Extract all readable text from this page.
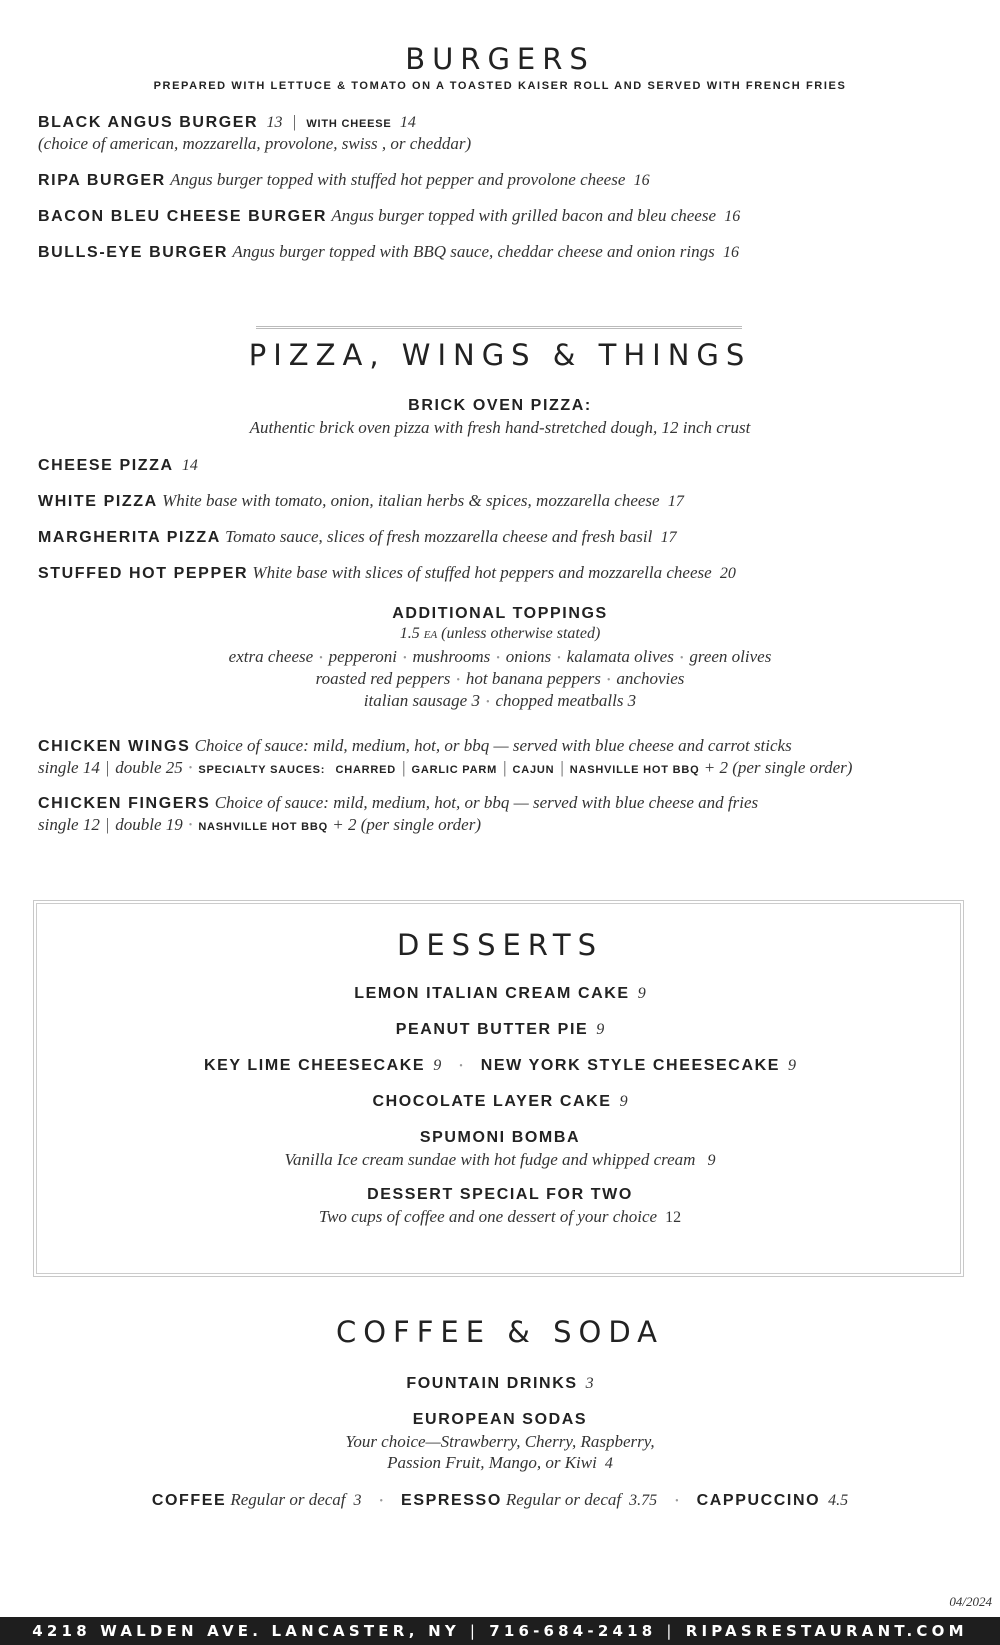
BURGERS
PREPARED WITH LETTUCE & TOMATO ON A TOASTED KAISER ROLL AND SERVED WITH FRENCH FRIES
BLACK ANGUS BURGER 13 | WITH CHEESE 14
(choice of american, mozzarella, provolone, swiss , or cheddar)
RIPA BURGER Angus burger topped with stuffed hot pepper and provolone cheese 16
BACON BLEU CHEESE BURGER Angus burger topped with grilled bacon and bleu cheese 16
BULLS-EYE BURGER Angus burger topped with BBQ sauce, cheddar cheese and onion rings 16
PIZZA, WINGS & THINGS
BRICK OVEN PIZZA:
Authentic brick oven pizza with fresh hand-stretched dough, 12 inch crust
CHEESE PIZZA 14
WHITE PIZZA White base with tomato, onion, italian herbs & spices, mozzarella cheese 17
MARGHERITA PIZZA Tomato sauce, slices of fresh mozzarella cheese and fresh basil 17
STUFFED HOT PEPPER White base with slices of stuffed hot peppers and mozzarella cheese 20
ADDITIONAL TOPPINGS
1.5 EA (unless otherwise stated)
extra cheese • pepperoni • mushrooms • onions • kalamata olives • green olives
roasted red peppers • hot banana peppers • anchovies
italian sausage 3 • chopped meatballs 3
CHICKEN WINGS Choice of sauce: mild, medium, hot, or bbq — served with blue cheese and carrot sticks
single 14 | double 25 • SPECIALTY SAUCES: CHARRED | GARLIC PARM | CAJUN | NASHVILLE HOT BBQ + 2 (per single order)
CHICKEN FINGERS Choice of sauce: mild, medium, hot, or bbq — served with blue cheese and fries
single 12 | double 19 • NASHVILLE HOT BBQ + 2 (per single order)
DESSERTS
LEMON ITALIAN CREAM CAKE 9
PEANUT BUTTER PIE 9
KEY LIME CHEESECAKE 9 • NEW YORK STYLE CHEESECAKE 9
CHOCOLATE LAYER CAKE 9
SPUMONI BOMBA
Vanilla Ice cream sundae with hot fudge and whipped cream 9
DESSERT SPECIAL FOR TWO
Two cups of coffee and one dessert of your choice 12
COFFEE & SODA
FOUNTAIN DRINKS 3
EUROPEAN SODAS
Your choice—Strawberry, Cherry, Raspberry,
Passion Fruit, Mango, or Kiwi 4
COFFEE Regular or decaf 3 • ESPRESSO Regular or decaf 3.75 • CAPPUCCINO 4.5
04/2024
4218 WALDEN AVE. LANCASTER, NY | 716-684-2418 | RIPASRESTAURANT.COM
